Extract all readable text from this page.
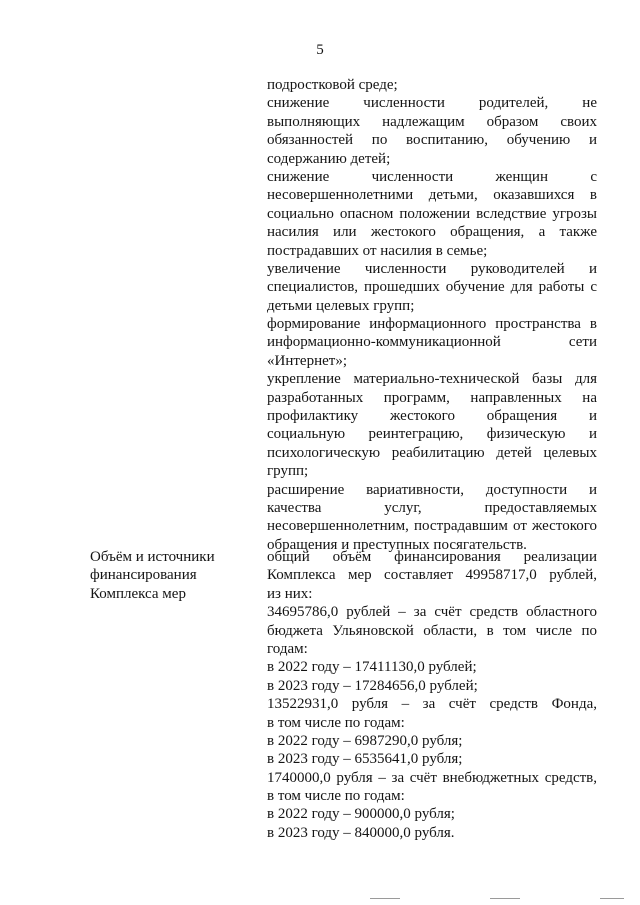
5
подростковой среде;
снижение численности родителей, не
выполняющих надлежащим образом своих
обязанностей по воспитанию, обучению и
содержанию детей;
снижение численности женщин с
несовершеннолетними детьми, оказавшихся в
социально опасном положении вследствие угрозы
насилия или жестокого обращения, а также
пострадавших от насилия в семье;
увеличение численности руководителей и
специалистов, прошедших обучение для работы с
детьми целевых групп;
формирование информационного пространства в
информационно-коммуникационной сети
«Интернет»;
укрепление материально-технической базы для
разработанных программ, направленных на
профилактику жестокого обращения и
социальную реинтеграцию, физическую и
психологическую реабилитацию детей целевых
групп;
расширение вариативности, доступности и
качества услуг, предоставляемых
несовершеннолетним, пострадавшим от жестокого
обращения и преступных посягательств.
Объём и источники
финансирования
Комплекса мер
общий объём финансирования реализации
Комплекса мер составляет 49958717,0 рублей,
из них:
34695786,0 рублей – за счёт средств областного
бюджета Ульяновской области, в том числе по
годам:
в 2022 году – 17411130,0 рублей;
в 2023 году – 17284656,0 рублей;
13522931,0 рубля – за счёт средств Фонда,
в том числе по годам:
в 2022 году – 6987290,0 рубля;
в 2023 году – 6535641,0 рубля;
1740000,0 рубля – за счёт внебюджетных средств,
в том числе по годам:
в 2022 году – 900000,0 рубля;
в 2023 году – 840000,0 рубля.
